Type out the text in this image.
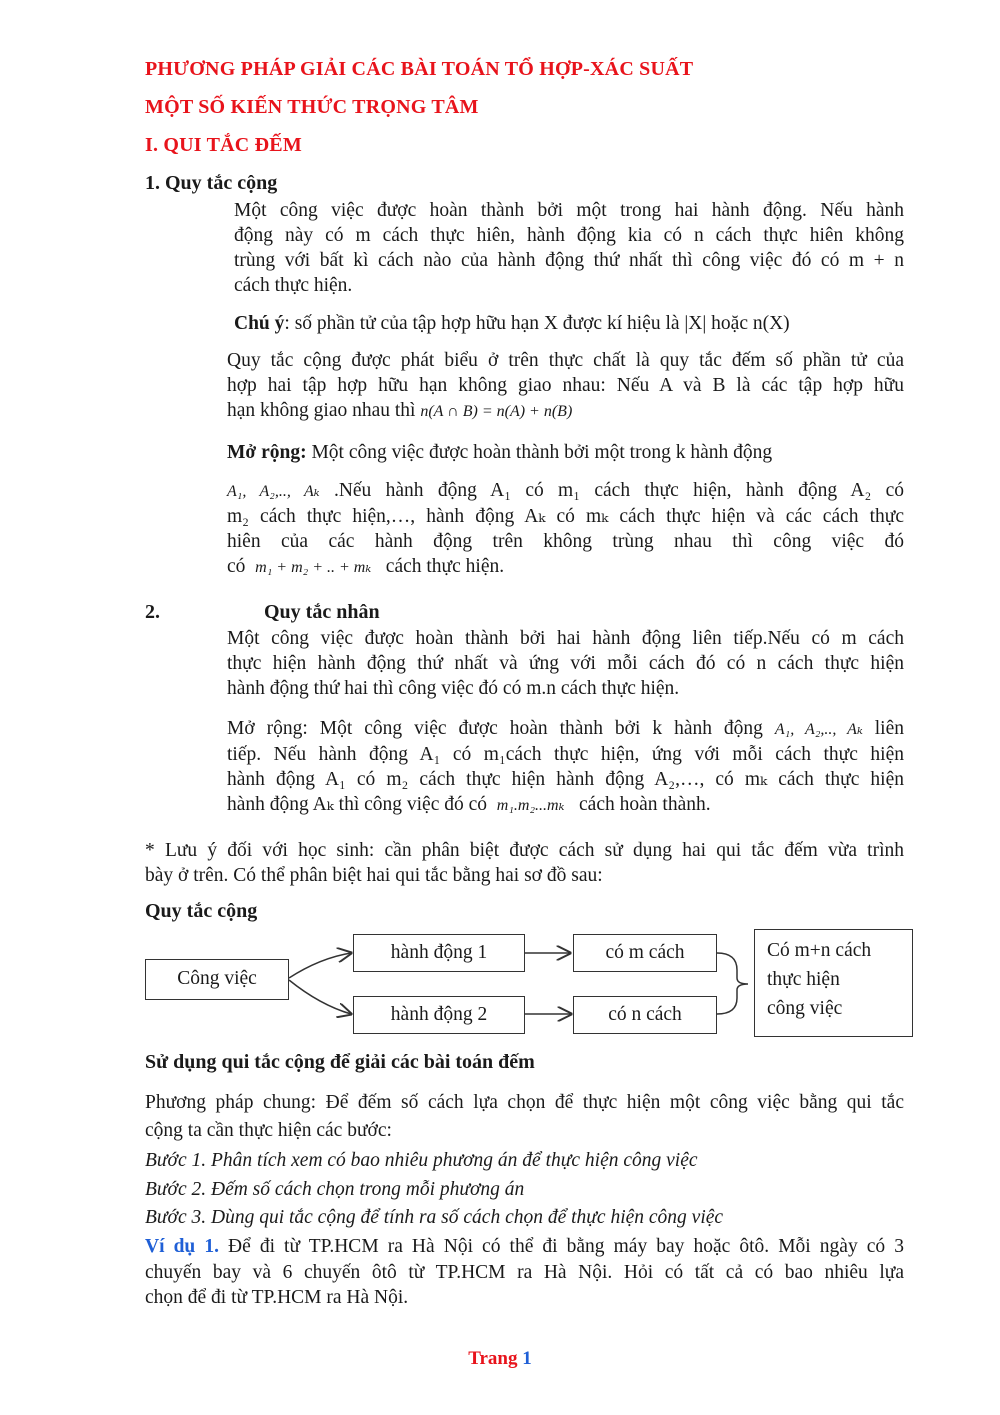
PHƯƠNG PHÁP GIẢI CÁC BÀI TOÁN TỔ HỢP-XÁC SUẤT
MỘT SỐ KIẾN THỨC TRỌNG TÂM
I. QUI TẮC ĐẾM
1. Quy tắc cộng
Một công việc được hoàn thành bởi một trong hai hành động. Nếu hành
động này có m cách thực hiên, hành động kia có n cách thực hiên không
trùng với bất kì cách nào của hành động thứ nhất thì công việc đó có m + n
cách thực hiện.
Chú ý: số phần tử của tập hợp hữu hạn X được kí hiệu là |X| hoặc n(X)
Quy tắc cộng được phát biểu ở trên thực chất là quy tắc đếm số phần tử của
hợp hai tập hợp hữu hạn không giao nhau: Nếu A và B là các tập hợp hữu
hạn không giao nhau thì n(A ∩ B) = n(A) + n(B)
Mở rộng: Một công việc được hoàn thành bởi một trong k hành động
A₁, A₂,.., Aₖ .Nếu hành động A₁ có m₁ cách thực hiện, hành động A₂ có
m₂ cách thực hiện,…, hành động Aₖ có mₖ cách thực hiện và các cách thực
hiên của các hành động trên không trùng nhau thì công việc đó
có m₁ + m₂ + .. + mₖ cách thực hiện.
2.	Quy tắc nhân
Một công việc được hoàn thành bởi hai hành động liên tiếp.Nếu có m cách
thực hiện hành động thứ nhất và ứng với mỗi cách đó có n cách thực hiện
hành động thứ hai thì công việc đó có m.n cách thực hiện.
Mở rộng: Một công việc được hoàn thành bởi k hành động A₁, A₂,.., Aₖ liên
tiếp. Nếu hành động A₁ có m₁cách thực hiện, ứng với mỗi cách thực hiện
hành động A₁ có m₂ cách thực hiện hành động A₂,…, có mₖ cách thực hiện
hành động Aₖ thì công việc đó có m₁.m₂...mₖ cách hoàn thành.
* Lưu ý đối với học sinh: cần phân biệt được cách sử dụng hai qui tắc đếm vừa trình
bày ở trên. Có thể phân biệt hai qui tắc bằng hai sơ đồ sau:
Quy tắc cộng
Công việc
hành động 1
hành động 2
có m cách
có n cách
Có m+n cách
thực hiện
công việc
Sử dụng qui tắc cộng để giải các bài toán đếm
Phương pháp chung: Để đếm số cách lựa chọn để thực hiện một công việc bằng qui tắc
cộng ta cần thực hiện các bước:
Bước 1. Phân tích xem có bao nhiêu phương án để thực hiện công việc
Bước 2. Đếm số cách chọn trong mỗi phương án
Bước 3. Dùng qui tắc cộng để tính ra số cách chọn để thực hiện công việc
Ví dụ 1. Để đi từ TP.HCM ra Hà Nội có thể đi bằng máy bay hoặc ôtô. Mỗi ngày có 3
chuyến bay và 6 chuyến ôtô từ TP.HCM ra Hà Nội. Hỏi có tất cả có bao nhiêu lựa
chọn để đi từ TP.HCM ra Hà Nội.
Trang 1
